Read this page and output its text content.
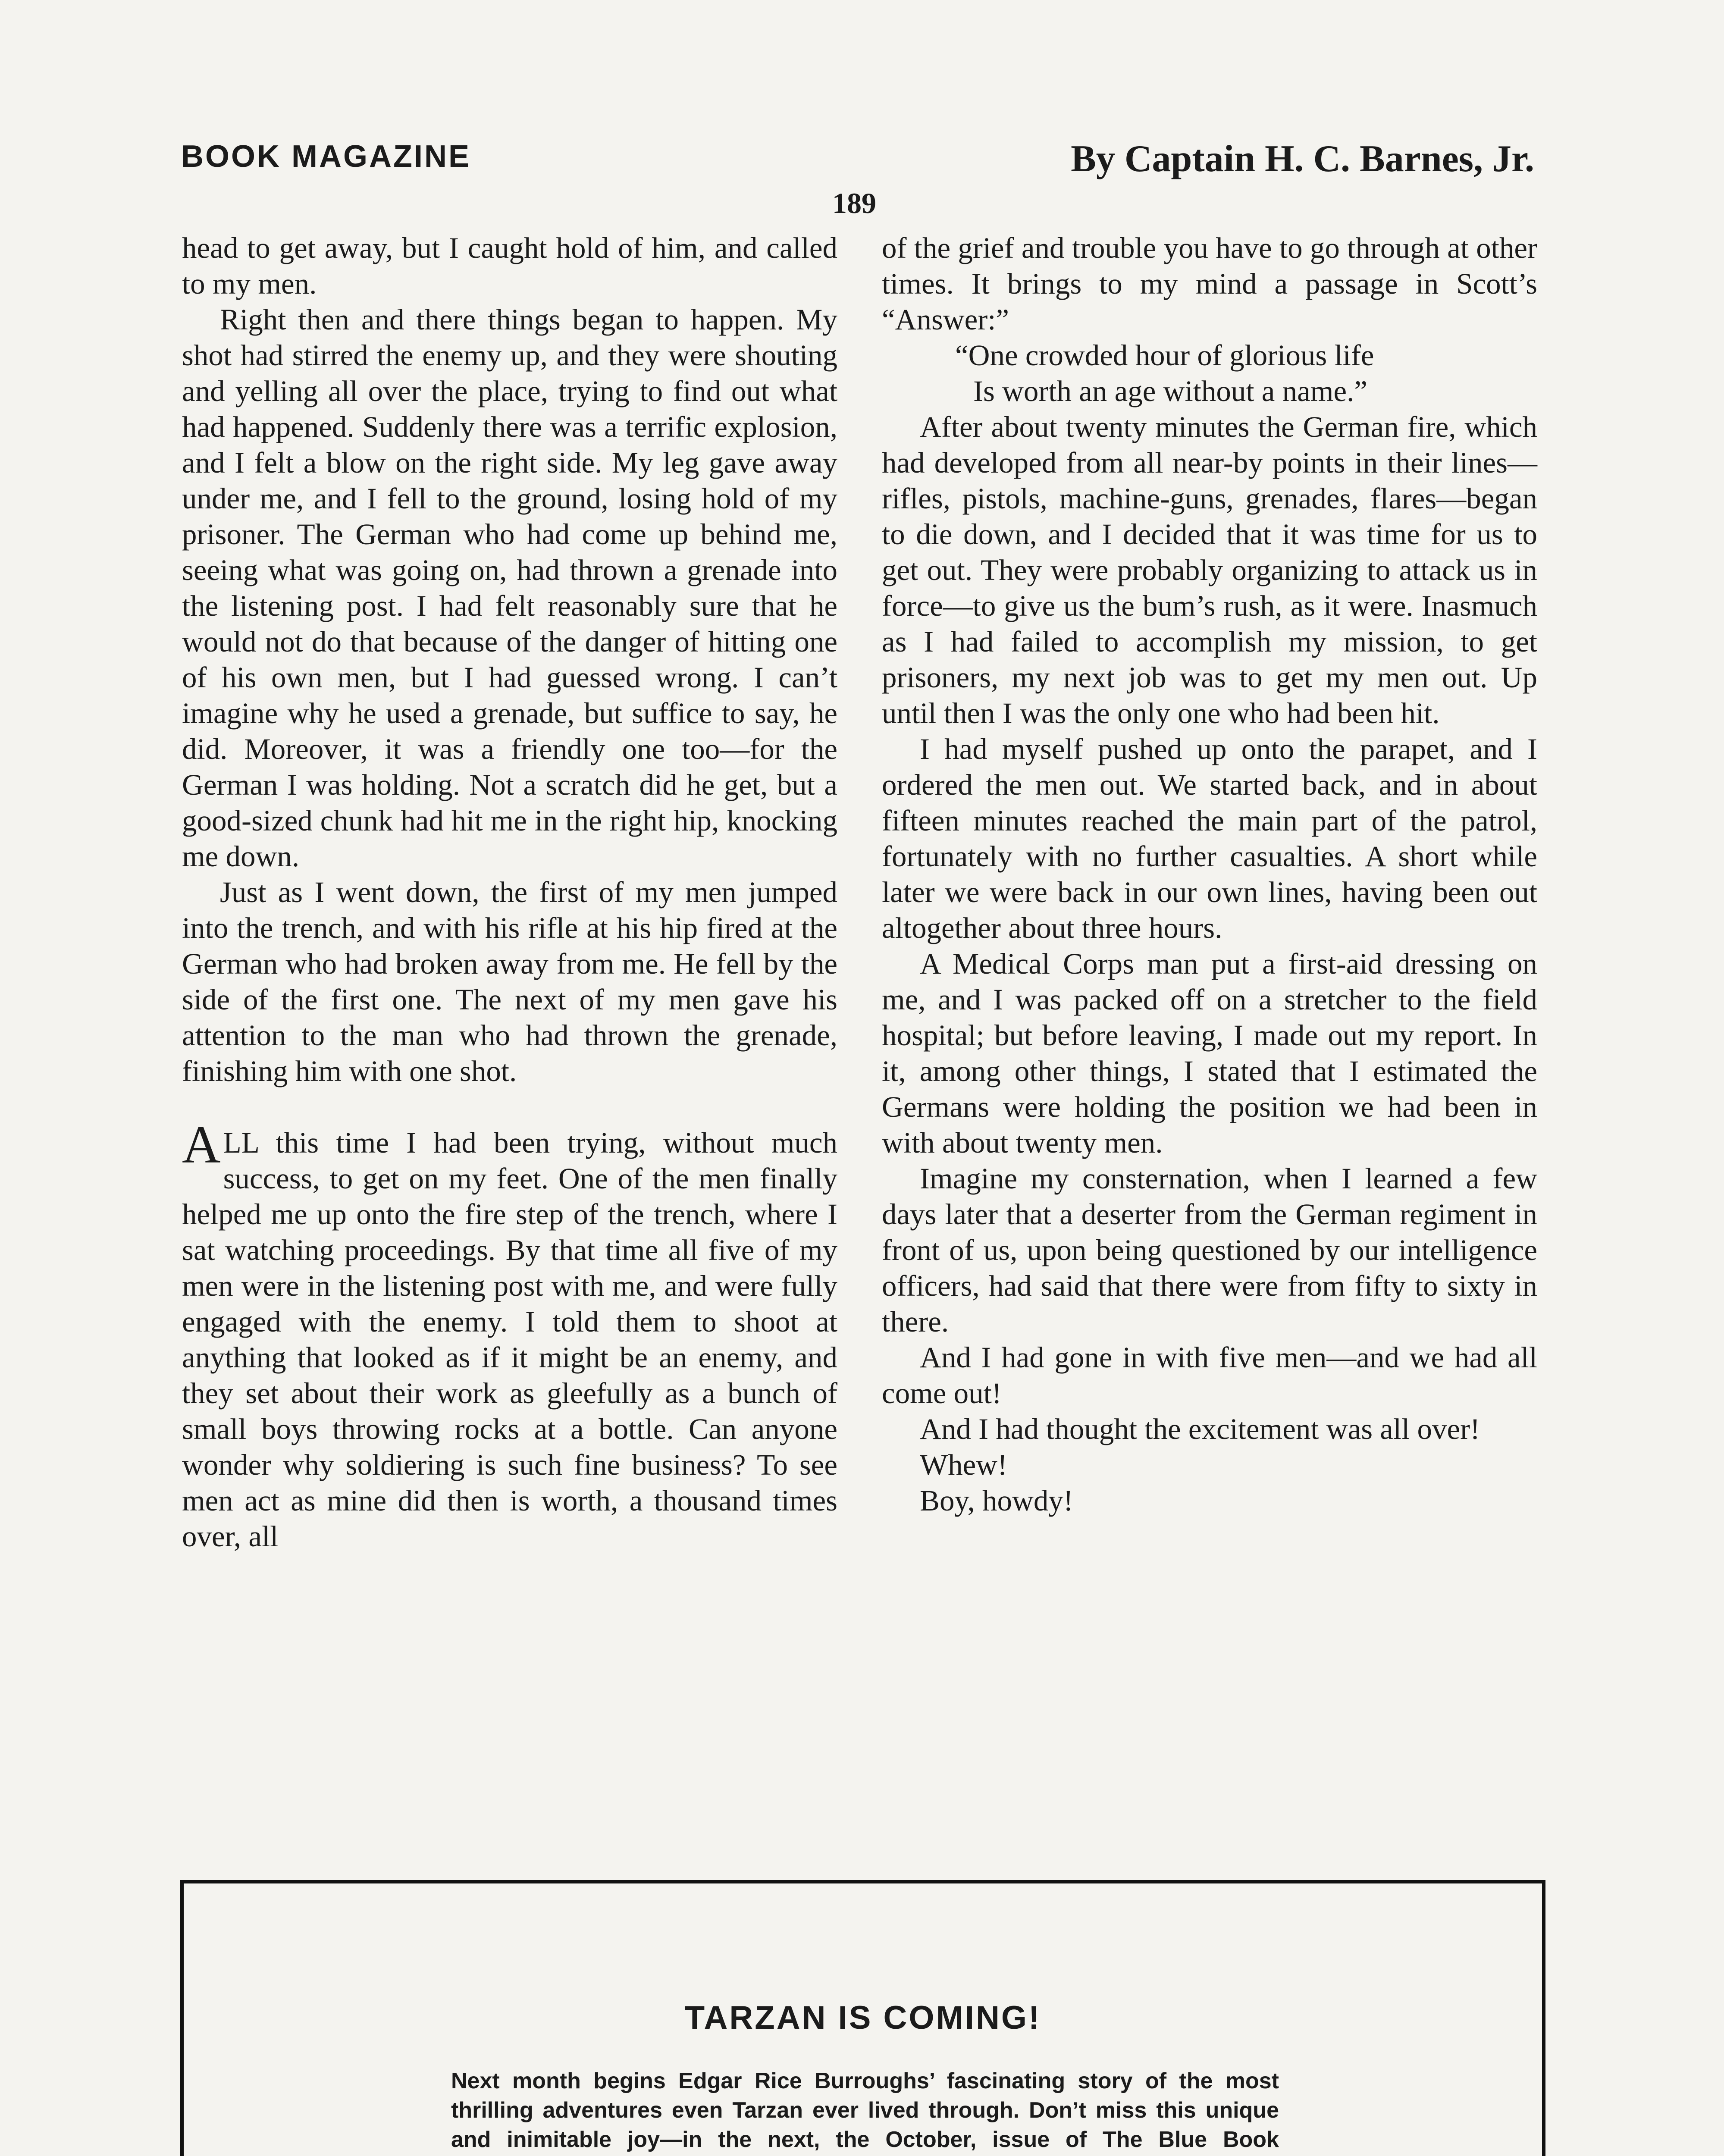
BOOK MAGAZINE	By Captain H. C. Barnes, Jr.
189

head to get away, but I caught hold of him, and called to my men.

Right then and there things began to happen. My shot had stirred the enemy up, and they were shouting and yelling all over the place, trying to find out what had happened. Suddenly there was a terrific explosion, and I felt a blow on the right side. My leg gave away under me, and I fell to the ground, losing hold of my prisoner. The German who had come up behind me, seeing what was going on, had thrown a grenade into the listening post. I had felt reasonably sure that he would not do that because of the danger of hitting one of his own men, but I had guessed wrong. I can’t imagine why he used a grenade, but suffice to say, he did. Moreover, it was a friendly one too—for the German I was holding. Not a scratch did he get, but a good-sized chunk had hit me in the right hip, knocking me down.

Just as I went down, the first of my men jumped into the trench, and with his rifle at his hip fired at the German who had broken away from me. He fell by the side of the first one. The next of my men gave his attention to the man who had thrown the grenade, finishing him with one shot.

ALL this time I had been trying, without much success, to get on my feet. One of the men finally helped me up onto the fire step of the trench, where I sat watching proceedings. By that time all five of my men were in the listening post with me, and were fully engaged with the enemy. I told them to shoot at anything that looked as if it might be an enemy, and they set about their work as gleefully as a bunch of small boys throwing rocks at a bottle. Can anyone wonder why soldiering is such fine business? To see men act as mine did then is worth, a thousand times over, all

of the grief and trouble you have to go through at other times. It brings to my mind a passage in Scott’s “Answer:”

“One crowded hour of glorious life
Is worth an age without a name.”

After about twenty minutes the German fire, which had developed from all near-by points in their lines—rifles, pistols, machine-guns, grenades, flares—began to die down, and I decided that it was time for us to get out. They were probably organizing to attack us in force—to give us the bum’s rush, as it were. Inasmuch as I had failed to accomplish my mission, to get prisoners, my next job was to get my men out. Up until then I was the only one who had been hit.

I had myself pushed up onto the parapet, and I ordered the men out. We started back, and in about fifteen minutes reached the main part of the patrol, fortunately with no further casualties. A short while later we were back in our own lines, having been out altogether about three hours.

A Medical Corps man put a first-aid dressing on me, and I was packed off on a stretcher to the field hospital; but before leaving, I made out my report. In it, among other things, I stated that I estimated the Germans were holding the position we had been in with about twenty men.

Imagine my consternation, when I learned a few days later that a deserter from the German regiment in front of us, upon being questioned by our intelligence officers, had said that there were from fifty to sixty in there.

And I had gone in with five men—and we had all come out!

And I had thought the excitement was all over!

Whew!

Boy, howdy!

TARZAN IS COMING!
Next month begins Edgar Rice Burroughs’ fascinating story of the most thrilling adventures even Tarzan ever lived through. Don’t miss this unique and inimitable joy—in the next, the October, issue of The Blue Book
